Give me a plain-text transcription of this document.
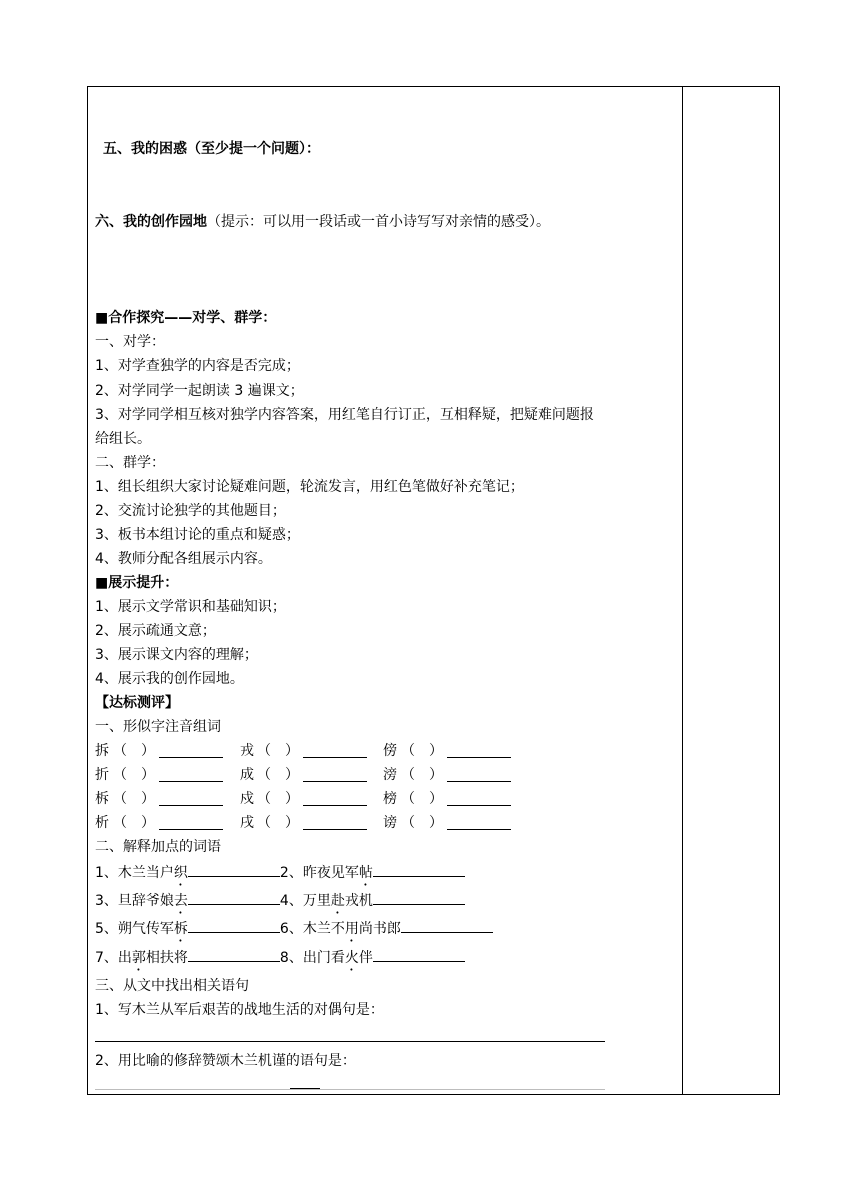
五、我的困惑（至少提一个问题）：
六、我的创作园地（提示：可以用一段话或一首小诗写写对亲情的感受）。
■合作探究——对学、群学：
一、对学：
1、对学查独学的内容是否完成；
2、对学同学一起朗读 3 遍课文；
3、对学同学相互核对独学内容答案，用红笔自行订正，互相释疑，把疑难问题报
给组长。
二、群学：
1、组长组织大家讨论疑难问题，轮流发言，用红色笔做好补充笔记；
2、交流讨论独学的其他题目；
3、板书本组讨论的重点和疑惑；
4、教师分配各组展示内容。
■展示提升：
1、展示文学常识和基础知识；
2、展示疏通文意；
3、展示课文内容的理解；
4、展示我的创作园地。
【达标测评】
一、形似字注音组词
拆 （　）	戎 （　）	傍 （　）
折 （　）	成 （　）	滂 （　）
柝 （　）	戍 （　）	榜 （　）
析 （　）	戌 （　）	谤 （　）
二、解释加点的词语
1、木兰当户织	2、昨夜见军帖
3、旦辞爷娘去	4、万里赴戎机
5、朔气传军柝	6、木兰不用尚书郎
7、出郭相扶将	8、出门看火伴
三、从文中找出相关语句
1、写木兰从军后艰苦的战地生活的对偶句是：
2、用比喻的修辞赞颂木兰机谨的语句是：
